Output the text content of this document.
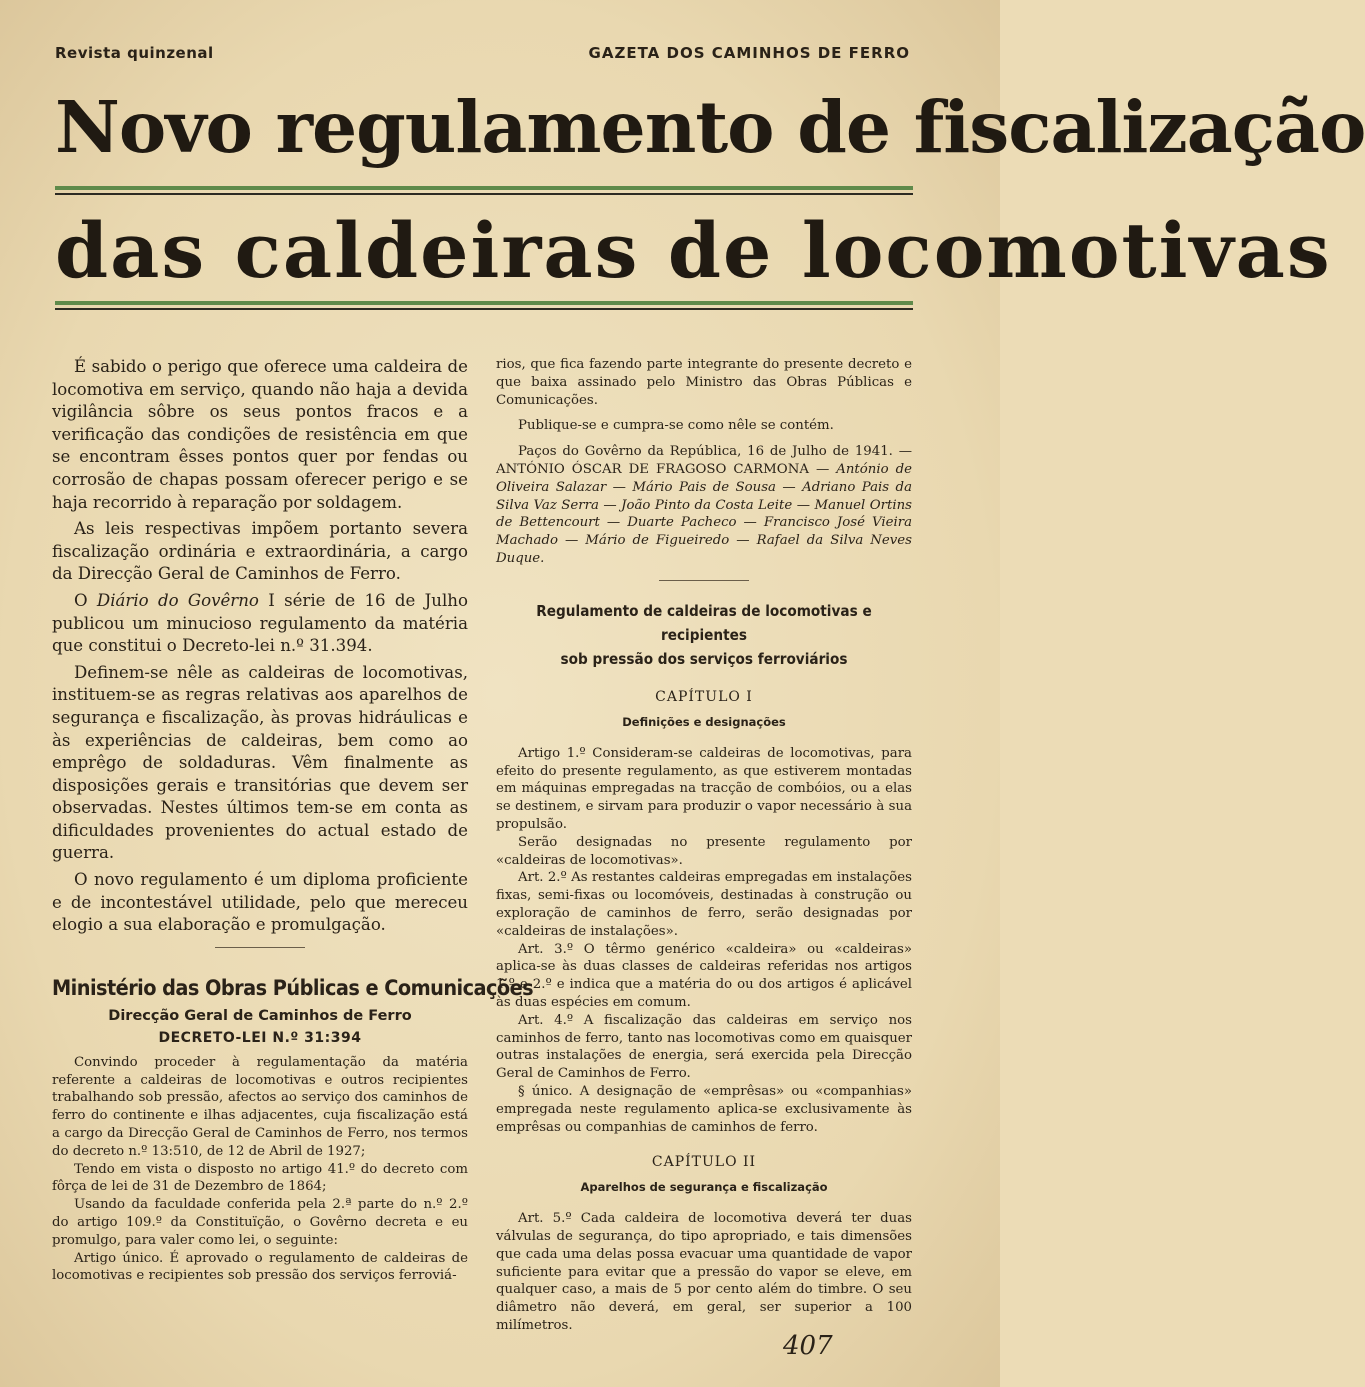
Revista quinzenal	GAZETA DOS CAMINHOS DE FERRO
Novo regulamento de fiscalização
das caldeiras de locomotivas

É sabido o perigo que oferece uma caldeira de locomotiva em serviço, quando não haja a devida vigilância sôbre os seus pontos fracos e a verificação das condições de resistência em que se encontram êsses pontos quer por fendas ou corrosão de chapas possam oferecer perigo e se haja recorrido à reparação por soldagem.

As leis respectivas impõem portanto severa fiscalização ordinária e extraordinária, a cargo da Direcção Geral de Caminhos de Ferro.

O Diário do Govêrno I série de 16 de Julho publicou um minucioso regulamento da matéria que constitui o Decreto-lei n.º 31.394.

Definem-se nêle as caldeiras de locomotivas, instituem-se as regras relativas aos aparelhos de segurança e fiscalização, às provas hidráulicas e às experiências de caldeiras, bem como ao emprêgo de soldaduras. Vêm finalmente as disposições gerais e transitórias que devem ser observadas. Nestes últimos tem-se em conta as dificuldades provenientes do actual estado de guerra.

O novo regulamento é um diploma proficiente e de incontestável utilidade, pelo que mereceu elogio a sua elaboração e promulgação.

Ministério das Obras Públicas e Comunicações
Direcção Geral de Caminhos de Ferro
DECRETO-LEI N.º 31:394

Convindo proceder à regulamentação da matéria referente a caldeiras de locomotivas e outros recipientes trabalhando sob pressão, afectos ao serviço dos caminhos de ferro do continente e ilhas adjacentes, cuja fiscalização está a cargo da Direcção Geral de Caminhos de Ferro, nos termos do decreto n.º 13:510, de 12 de Abril de 1927;

Tendo em vista o disposto no artigo 41.º do decreto com fôrça de lei de 31 de Dezembro de 1864;

Usando da faculdade conferida pela 2.ª parte do n.º 2.º do artigo 109.º da Constituïção, o Govêrno decreta e eu promulgo, para valer como lei, o seguinte:

Artigo único. É aprovado o regulamento de caldeiras de locomotivas e recipientes sob pressão dos serviços ferroviá-

rios, que fica fazendo parte integrante do presente decreto e que baixa assinado pelo Ministro das Obras Públicas e Comunicações.

Publique-se e cumpra-se como nêle se contém.

Paços do Govêrno da República, 16 de Julho de 1941. — ANTÓNIO ÓSCAR DE FRAGOSO CARMONA — António de Oliveira Salazar — Mário Pais de Sousa — Adriano Pais da Silva Vaz Serra — João Pinto da Costa Leite — Manuel Ortins de Bettencourt — Duarte Pacheco — Francisco José Vieira Machado — Mário de Figueiredo — Rafael da Silva Neves Duque.

Regulamento de caldeiras de locomotivas e recipientes
sob pressão dos serviços ferroviários
CAPÍTULO I
Definições e designações

Artigo 1.º Consideram-se caldeiras de locomotivas, para efeito do presente regulamento, as que estiverem montadas em máquinas empregadas na tracção de combóios, ou a elas se destinem, e sirvam para produzir o vapor necessário à sua propulsão.

Serão designadas no presente regulamento por «caldeiras de locomotivas».

Art. 2.º As restantes caldeiras empregadas em instalações fixas, semi-fixas ou locomóveis, destinadas à construção ou exploração de caminhos de ferro, serão designadas por «caldeiras de instalações».

Art. 3.º O têrmo genérico «caldeira» ou «caldeiras» aplica-se às duas classes de caldeiras referidas nos artigos 1.º e 2.º e indica que a matéria do ou dos artigos é aplicável às duas espécies em comum.

Art. 4.º A fiscalização das caldeiras em serviço nos caminhos de ferro, tanto nas locomotivas como em quaisquer outras instalações de energia, será exercida pela Direcção Geral de Caminhos de Ferro.

§ único. A designação de «emprêsas» ou «companhias» empregada neste regulamento aplica-se exclusivamente às emprêsas ou companhias de caminhos de ferro.

CAPÍTULO II
Aparelhos de segurança e fiscalização

Art. 5.º Cada caldeira de locomotiva deverá ter duas válvulas de segurança, do tipo apropriado, e tais dimensões que cada uma delas possa evacuar uma quantidade de vapor suficiente para evitar que a pressão do vapor se eleve, em qualquer caso, a mais de 5 por cento além do timbre. O seu diâmetro não deverá, em geral, ser superior a 100 milímetros.

407
